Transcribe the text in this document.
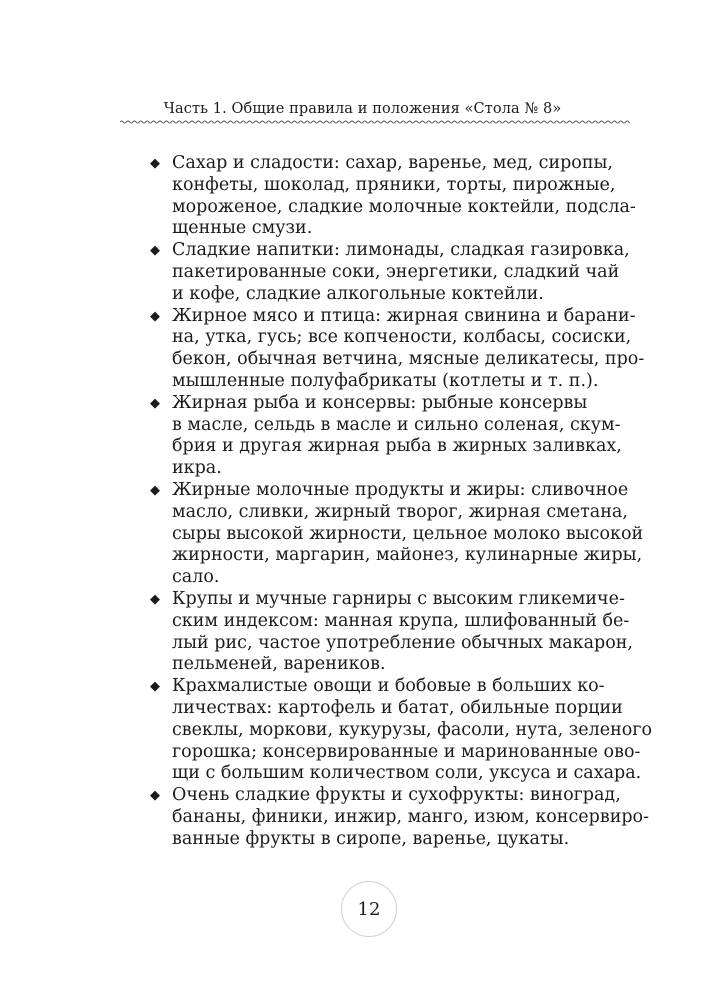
Часть 1. Общие правила и положения «Стола № 8»
◆ Сахар и сладости: сахар, варенье, мед, сиропы,
конфеты, шоколад, пряники, торты, пирожные,
мороженое, сладкие молочные коктейли, подсла-
щенные смузи.
◆ Сладкие напитки: лимонады, сладкая газировка,
пакетированные соки, энергетики, сладкий чай
и кофе, сладкие алкогольные коктейли.
◆ Жирное мясо и птица: жирная свинина и барани-
на, утка, гусь; все копчености, колбасы, сосиски,
бекон, обычная ветчина, мясные деликатесы, про-
мышленные полуфабрикаты (котлеты и т. п.).
◆ Жирная рыба и консервы: рыбные консервы
в масле, сельдь в масле и сильно соленая, скум-
брия и другая жирная рыба в жирных заливках,
икра.
◆ Жирные молочные продукты и жиры: сливочное
масло, сливки, жирный творог, жирная сметана,
сыры высокой жирности, цельное молоко высокой
жирности, маргарин, майонез, кулинарные жиры,
сало.
◆ Крупы и мучные гарниры с высоким гликемиче-
ским индексом: манная крупа, шлифованный бе-
лый рис, частое употребление обычных макарон,
пельменей, вареников.
◆ Крахмалистые овощи и бобовые в больших ко-
личествах: картофель и батат, обильные порции
свеклы, моркови, кукурузы, фасоли, нута, зеленого
горошка; консервированные и маринованные ово-
щи с большим количеством соли, уксуса и сахара.
◆ Очень сладкие фрукты и сухофрукты: виноград,
бананы, финики, инжир, манго, изюм, консервиро-
ванные фрукты в сиропе, варенье, цукаты.
12
